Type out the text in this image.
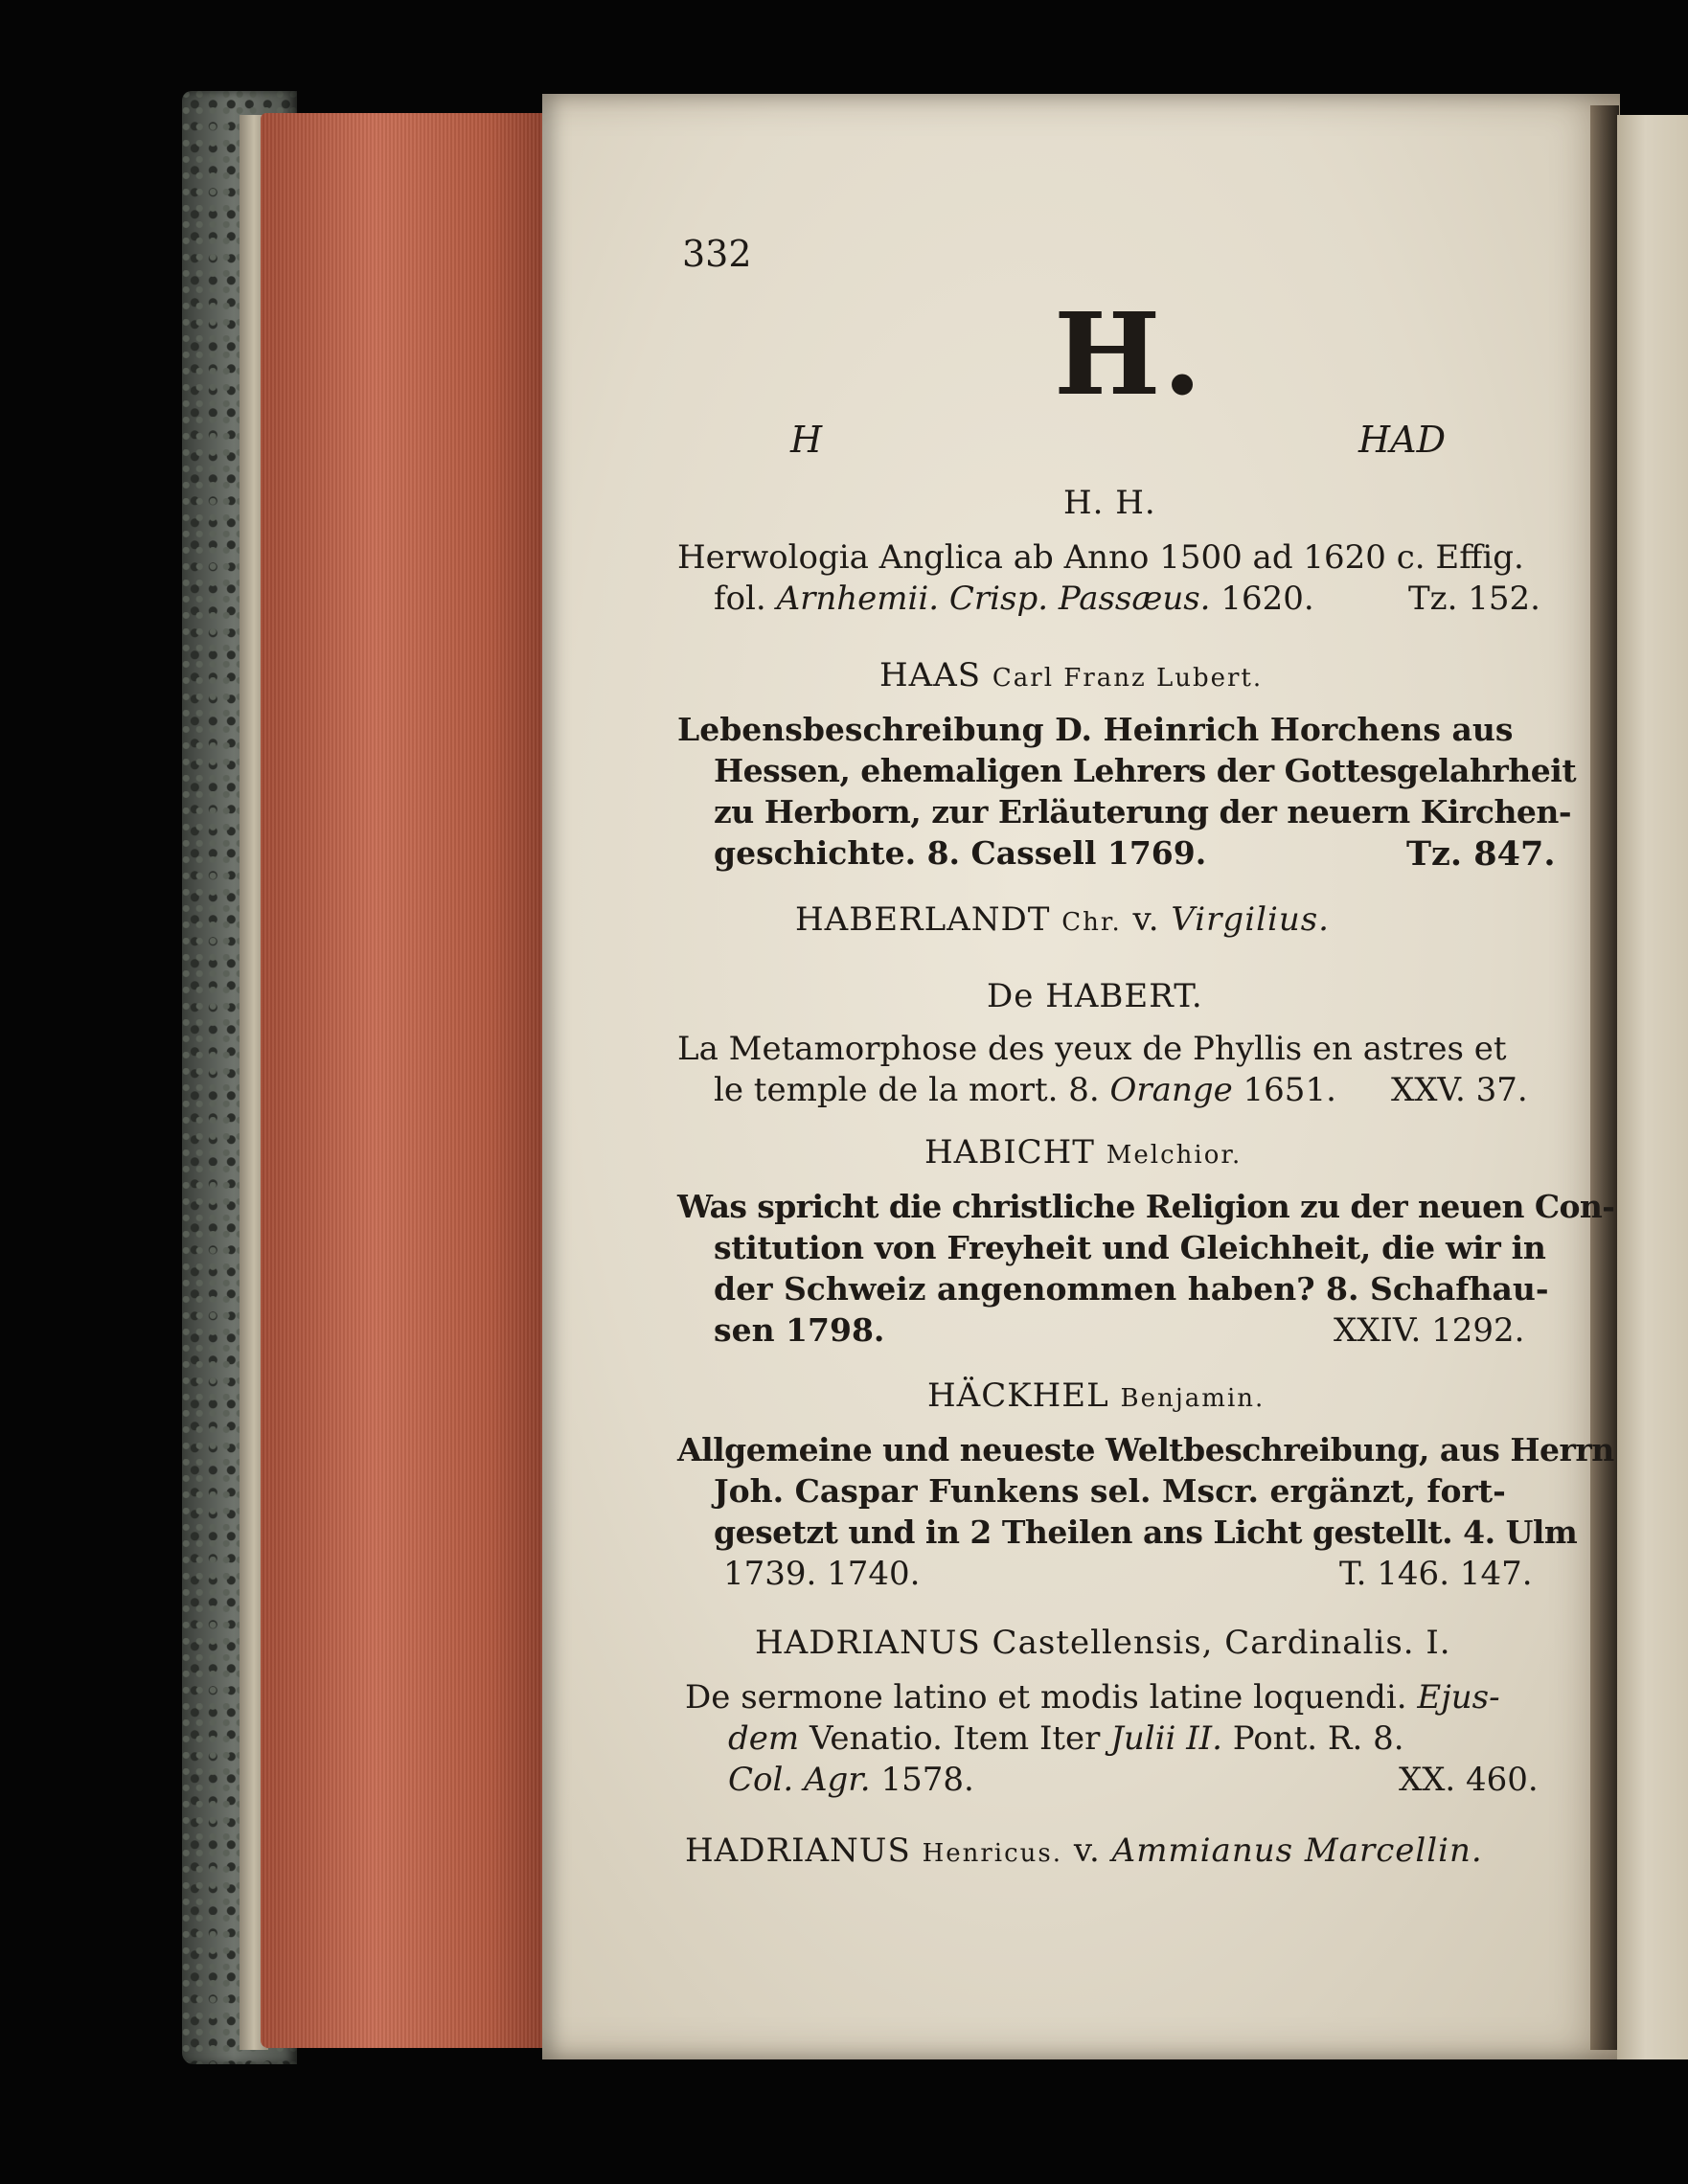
332
H.
H	HAD
H. H.
Herwologia Anglica ab Anno 1500 ad 1620 c. Effig.
fol. Arnhemii. Crisp. Passæus. 1620.	Tz. 152.
HAAS Carl Franz Lubert.
Lebensbeschreibung D. Heinrich Horchens aus
Hessen, ehemaligen Lehrers der Gottesgelahrheit
zu Herborn, zur Erläuterung der neuern Kirchen-
geschichte. 8. Cassell 1769.	Tz. 847.
HABERLANDT Chr. v. Virgilius.
De HABERT.
La Metamorphose des yeux de Phyllis en astres et
le temple de la mort. 8. Orange 1651. XXV. 37.
HABICHT Melchior.
Was spricht die christliche Religion zu der neuen Con-
stitution von Freyheit und Gleichheit, die wir in
der Schweiz angenommen haben? 8. Schafhau-
sen 1798.	XXIV. 1292.
HÄCKHEL Benjamin.
Allgemeine und neueste Weltbeschreibung, aus Herrn
Joh. Caspar Funkens sel. Mscr. ergänzt, fort-
gesetzt und in 2 Theilen ans Licht gestellt. 4. Ulm
1739. 1740.	T. 146. 147.
HADRIANUS Castellensis, Cardinalis. I.
De sermone latino et modis latine loquendi. Ejus-
dem Venatio. Item Iter Julii II. Pont. R. 8.
Col. Agr. 1578.	XX. 460.
HADRIANUS Henricus. v. Ammianus Marcellin.
